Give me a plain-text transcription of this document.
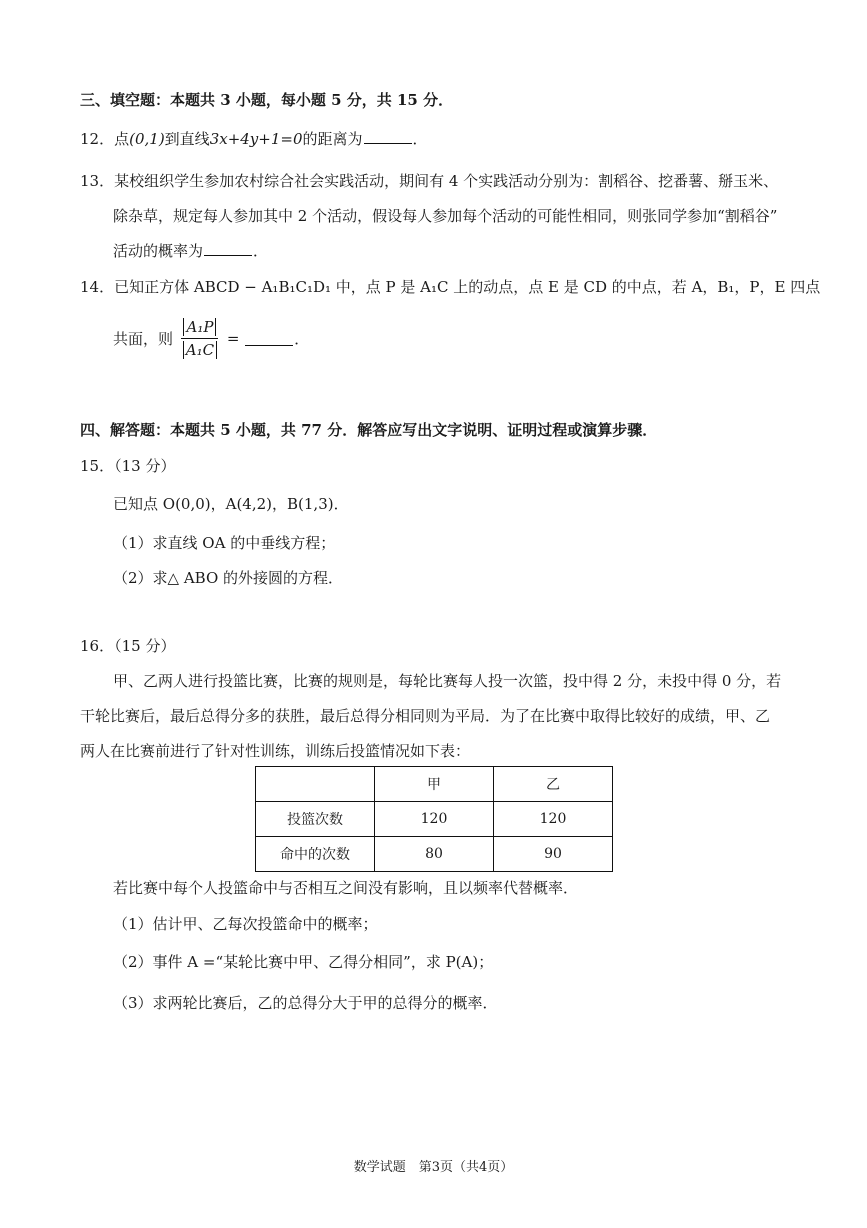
三、填空题：本题共 3 小题，每小题 5 分，共 15 分．
12．点(0,1)到直线3x+4y+1=0的距离为	．
13．某校组织学生参加农村综合社会实践活动，期间有 4 个实践活动分别为：割稻谷、挖番薯、掰玉米、
除杂草，规定每人参加其中 2 个活动，假设每人参加每个活动的可能性相同，则张同学参加“割稻谷”
活动的概率为	．
14．已知正方体 ABCD − A₁B₁C₁D₁ 中，点 P 是 A₁C 上的动点，点 E 是 CD 的中点，若 A，B₁，P，E 四点
共面，则 $\frac{\text{A₁P}}{\text{A₁C}}$ =	．
四、解答题：本题共 5 小题，共 77 分．解答应写出文字说明、证明过程或演算步骤．
15．（13 分）
已知点 O(0,0)，A(4,2)，B(1,3)．
（1）求直线 OA 的中垂线方程；
（2）求△ ABO 的外接圆的方程．
16．（15 分）
甲、乙两人进行投篮比赛，比赛的规则是，每轮比赛每人投一次篮，投中得 2 分，未投中得 0 分，若
干轮比赛后，最后总得分多的获胜，最后总得分相同则为平局．为了在比赛中取得比较好的成绩，甲、乙
两人在比赛前进行了针对性训练，训练后投篮情况如下表：
	甲	乙
投篮次数	120	120
命中的次数	80	90
若比赛中每个人投篮命中与否相互之间没有影响，且以频率代替概率．
（1）估计甲、乙每次投篮命中的概率；
（2）事件 A =“某轮比赛中甲、乙得分相同”，求 P(A)；
（3）求两轮比赛后，乙的总得分大于甲的总得分的概率．
数学试题　第3页（共4页）
